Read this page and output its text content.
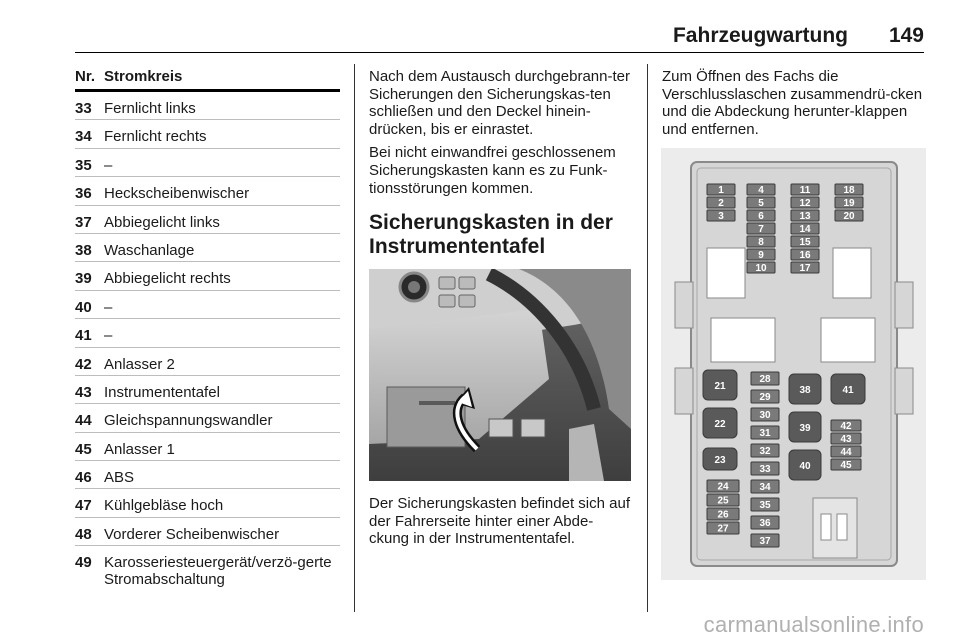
Fahrzeugwartung 149
Nr. Stromkreis
33 Fernlicht links
34 Fernlicht rechts
35 –
36 Heckscheibenwischer
37 Abbiegelicht links
38 Waschanlage
39 Abbiegelicht rechts
40 –
41 –
42 Anlasser 2
43 Instrumententafel
44 Gleichspannungswandler
45 Anlasser 1
46 ABS
47 Kühlgebläse hoch
48 Vorderer Scheibenwischer
49 Karosseriesteuergerät/verzö-gerte Stromabschaltung

Nach dem Austausch durchgebrann-ter Sicherungen den Sicherungskas-ten schließen und den Deckel hinein-drücken, bis er einrastet.

Bei nicht einwandfrei geschlossenem Sicherungskasten kann es zu Funk-tionsstörungen kommen.

Sicherungskasten in der Instrumententafel

Der Sicherungskasten befindet sich auf der Fahrerseite hinter einer Abde-ckung in der Instrumententafel.

Zum Öffnen des Fachs die Verschlusslaschen zusammendrü-cken und die Abdeckung herunter-klappen und entfernen.

1
2
3
4
5
6
7
8
9
10
11
12
13
14
15
16
17
18
19
20
21
22
23
24
25
26
27
28
29
30
31
32
33
34
35
36
37
38
39
40
41
42
43
44
45
carmanualsonline.info
